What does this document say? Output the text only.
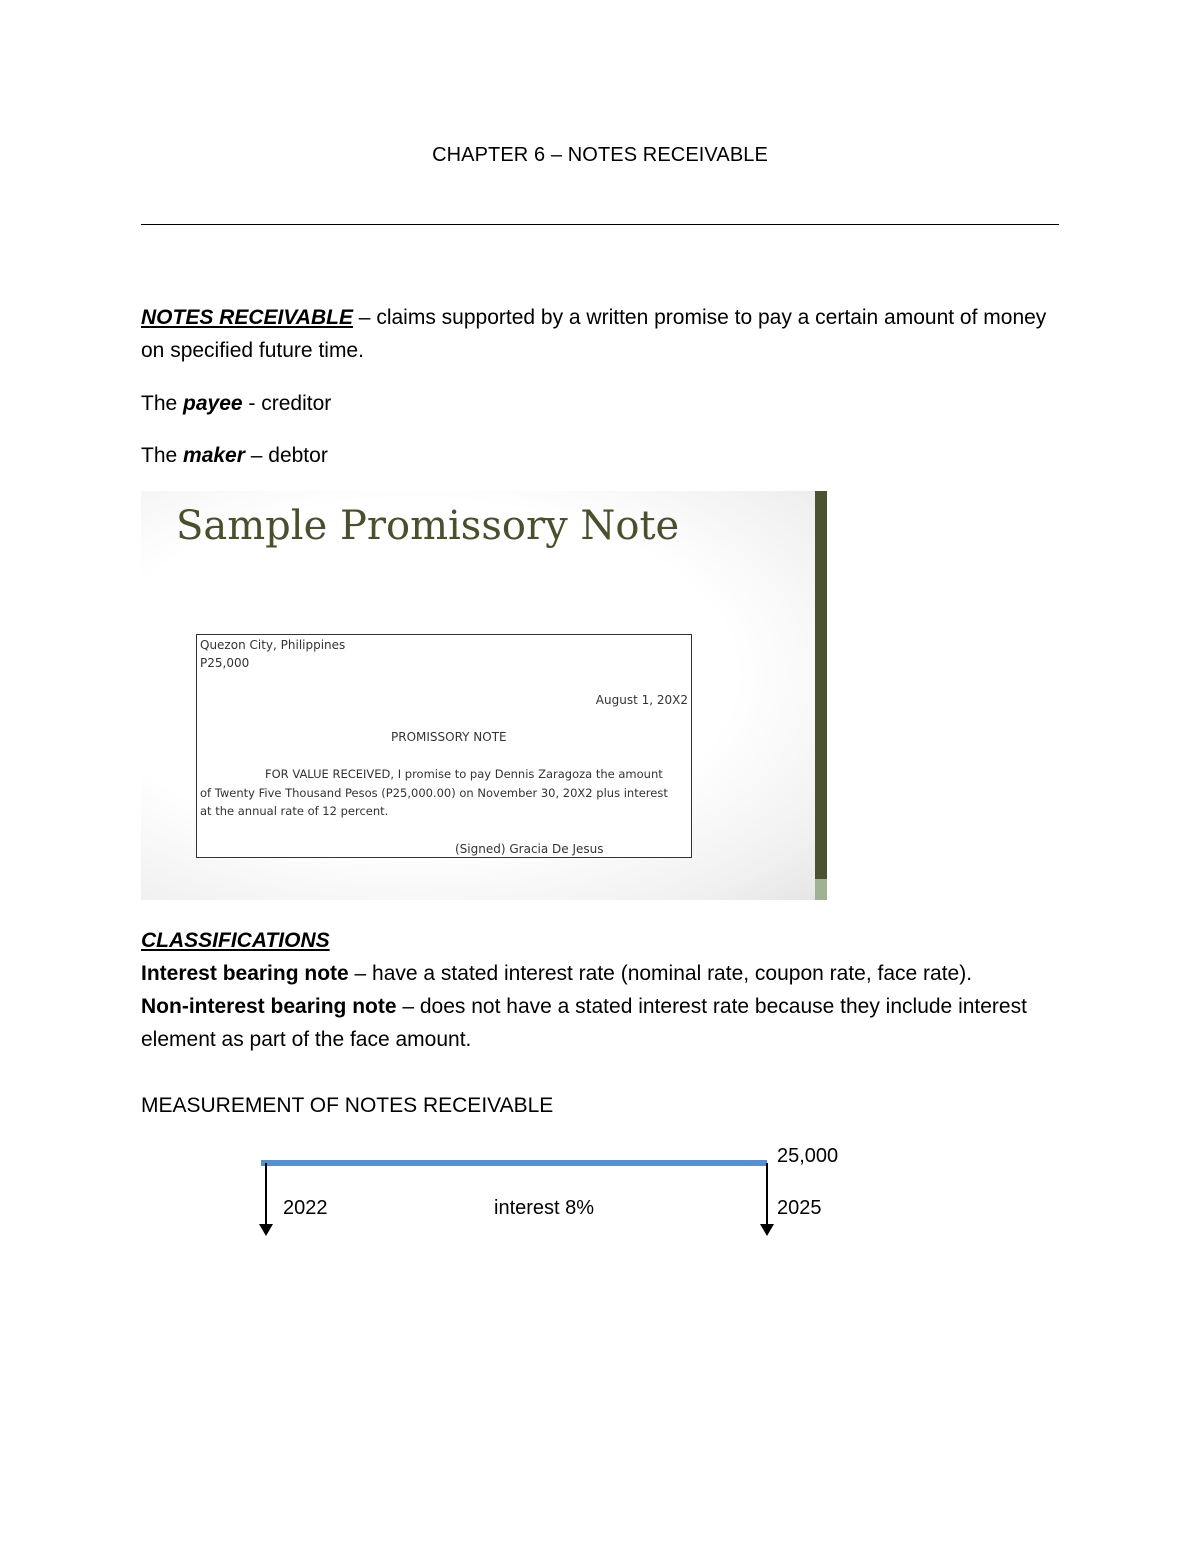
CHAPTER 6 – NOTES RECEIVABLE
NOTES RECEIVABLE – claims supported by a written promise to pay a certain amount of money
on specified future time.
The payee - creditor
The maker – debtor
Sample Promissory Note
Quezon City, Philippines
P25,000
August 1, 20X2
PROMISSORY NOTE
FOR VALUE RECEIVED, I promise to pay Dennis Zaragoza the amount
of Twenty Five Thousand Pesos (P25,000.00) on November 30, 20X2 plus interest
at the annual rate of 12 percent.
(Signed) Gracia De Jesus
CLASSIFICATIONS
Interest bearing note – have a stated interest rate (nominal rate, coupon rate, face rate).
Non-interest bearing note – does not have a stated interest rate because they include interest
element as part of the face amount.
MEASUREMENT OF NOTES RECEIVABLE
25,000
2022	interest 8%	2025
